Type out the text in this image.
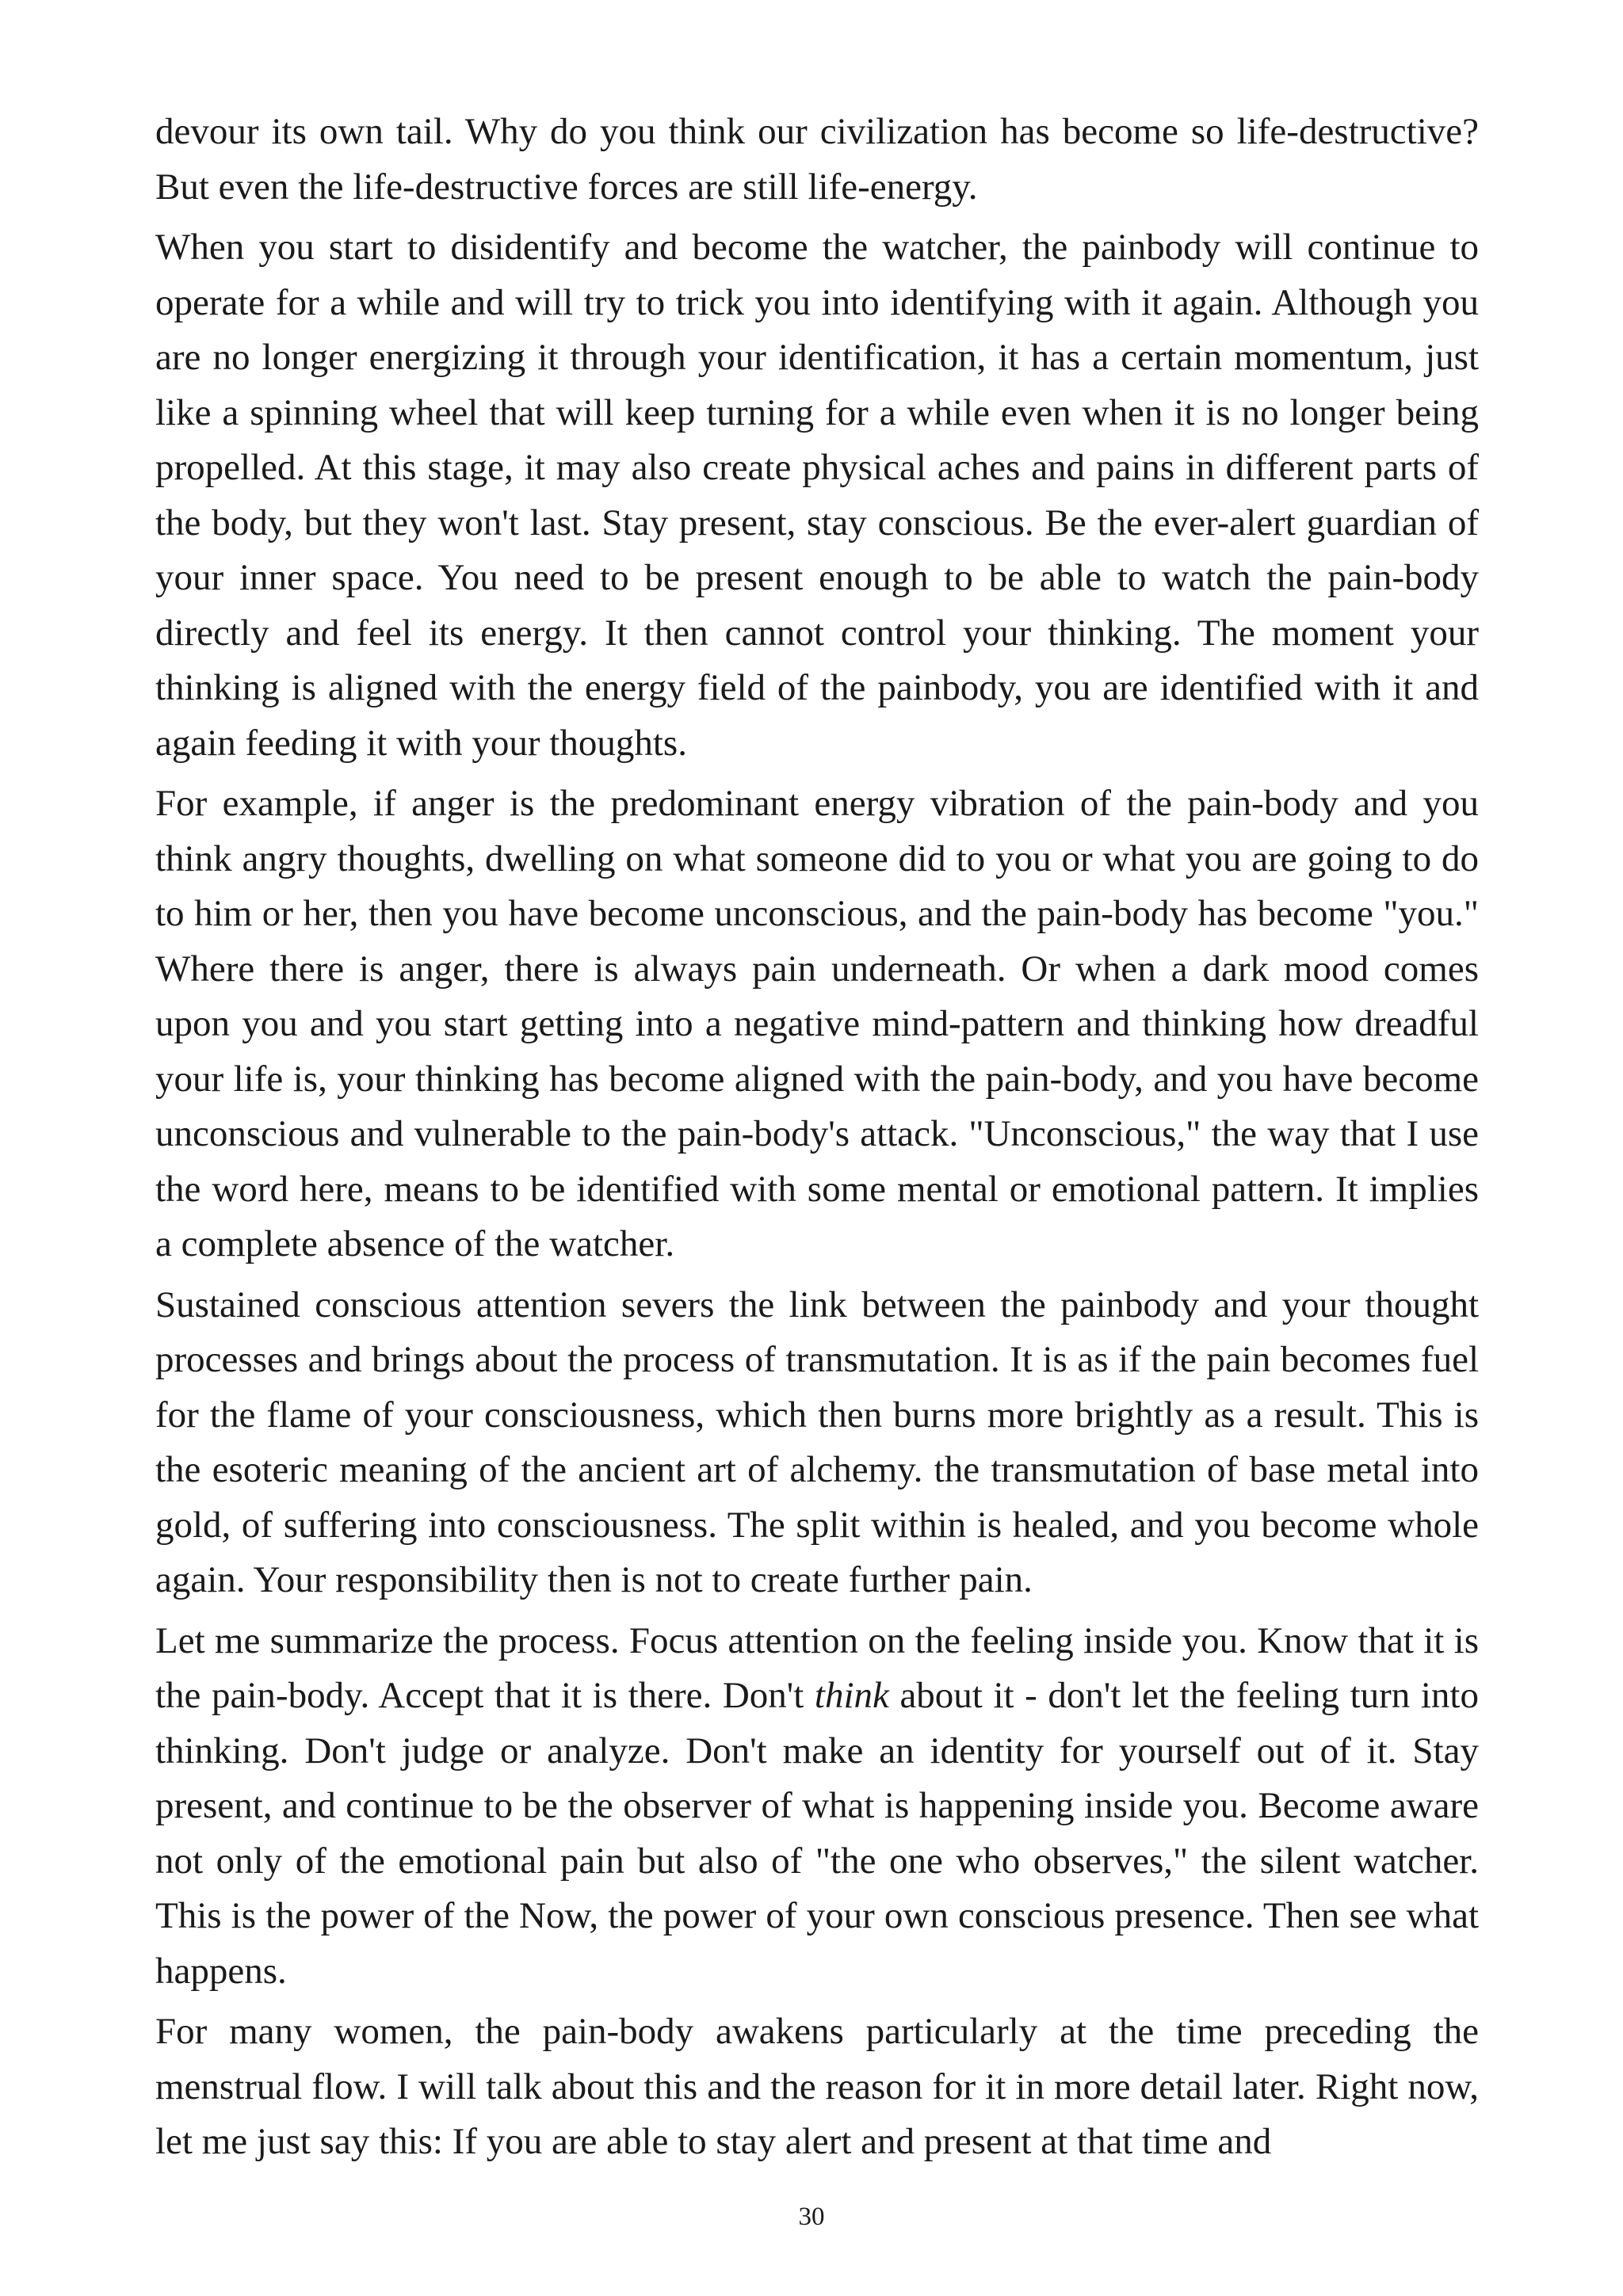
devour its own tail. Why do you think our civilization has become so life-destructive? But even the life-destructive forces are still life-energy.

When you start to disidentify and become the watcher, the painbody will continue to operate for a while and will try to trick you into identifying with it again. Although you are no longer energizing it through your identification, it has a certain momentum, just like a spinning wheel that will keep turning for a while even when it is no longer being propelled. At this stage, it may also create physical aches and pains in different parts of the body, but they won't last. Stay present, stay conscious. Be the ever-alert guardian of your inner space. You need to be present enough to be able to watch the pain-body directly and feel its energy. It then cannot control your thinking. The moment your thinking is aligned with the energy field of the painbody, you are identified with it and again feeding it with your thoughts.

For example, if anger is the predominant energy vibration of the pain-body and you think angry thoughts, dwelling on what someone did to you or what you are going to do to him or her, then you have become unconscious, and the pain-body has become "you." Where there is anger, there is always pain underneath. Or when a dark mood comes upon you and you start getting into a negative mind-pattern and thinking how dreadful your life is, your thinking has become aligned with the pain-body, and you have become unconscious and vulnerable to the pain-body's attack. "Unconscious," the way that I use the word here, means to be identified with some mental or emotional pattern. It implies a complete absence of the watcher.

Sustained conscious attention severs the link between the painbody and your thought processes and brings about the process of transmutation. It is as if the pain becomes fuel for the flame of your consciousness, which then burns more brightly as a result. This is the esoteric meaning of the ancient art of alchemy. the transmutation of base metal into gold, of suffering into consciousness. The split within is healed, and you become whole again. Your responsibility then is not to create further pain.

Let me summarize the process. Focus attention on the feeling inside you. Know that it is the pain-body. Accept that it is there. Don't think about it - don't let the feeling turn into thinking. Don't judge or analyze. Don't make an identity for yourself out of it. Stay present, and continue to be the observer of what is happening inside you. Become aware not only of the emotional pain but also of "the one who observes," the silent watcher. This is the power of the Now, the power of your own conscious presence. Then see what happens.

For many women, the pain-body awakens particularly at the time preceding the menstrual flow. I will talk about this and the reason for it in more detail later. Right now, let me just say this: If you are able to stay alert and present at that time and

30
